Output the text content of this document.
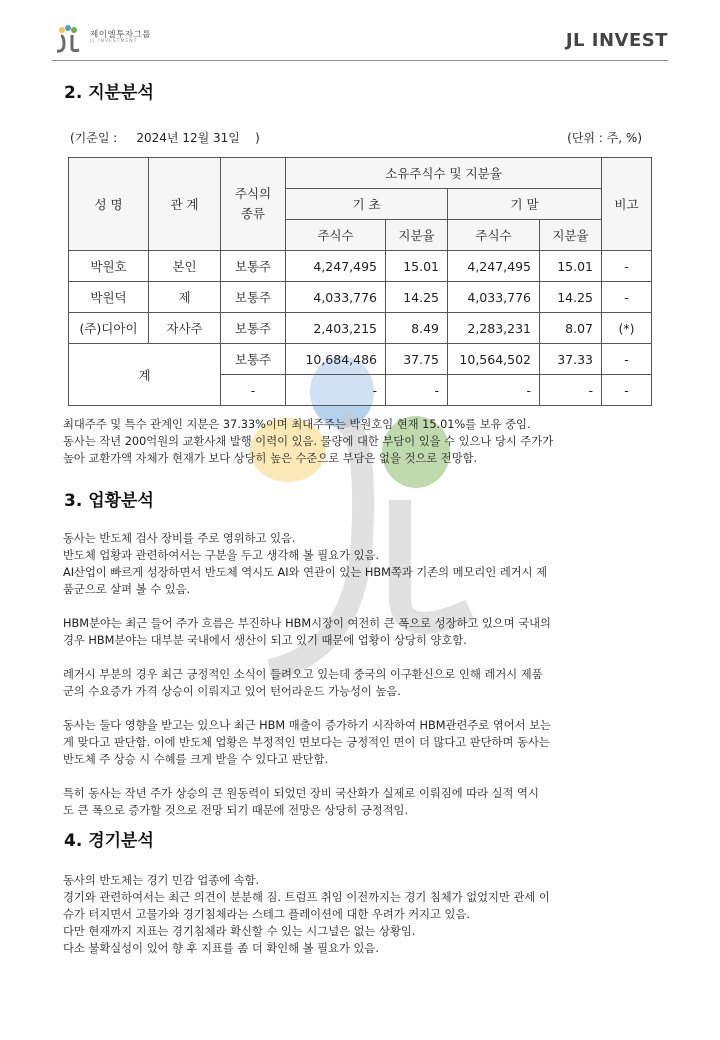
제이엘투자그룹
JL INVESTMENT	JL INVEST
2. 지분분석
(기준일 :     2024년 12월 31일    )	(단위 : 주, %)
성 명	관 계	주식의
종류	소유주식수 및 지분율				비고
			기 초		기 말		
			주식수	지분율	주식수	지분율	
박원호	본인	보통주	4,247,495	15.01	4,247,495	15.01	-
박원덕	제	보통주	4,033,776	14.25	4,033,776	14.25	-
(주)디아이	자사주	보통주	2,403,215	8.49	2,283,231	8.07	(*)
계		보통주	10,684,486	37.75	10,564,502	37.33	-
		-	-	-	-	-	-

최대주주 및 특수 관계인 지분은 37.33%이며 최대주주는 박원호임 현재 15.01%를 보유 중임.

동사는 작년 200억원의 교환사채 발행 이력이 있음. 물량에 대한 부담이 있을 수 있으나 당시 주가가

높아 교환가액 자체가 현재가 보다 상당히 높은 수준으로 부담은 없을 것으로 전망함.

3. 업황분석

동사는 반도체 검사 장비를 주로 영위하고 있음.

반도체 업황과 관련하여서는 구분을 두고 생각해 볼 필요가 있음.

AI산업이 빠르게 성장하면서 반도체 역시도 AI와 연관이 있는 HBM쪽과 기존의 메모리인 레거시 제

품군으로 살펴 볼 수 있음.

HBM분야는 최근 들어 주가 흐름은 부진하나 HBM시장이 여전히 큰 폭으로 성장하고 있으며 국내의

경우 HBM분야는 대부분 국내에서 생산이 되고 있기 때문에 업황이 상당히 양호함.

레거시 부분의 경우 최근 긍정적인 소식이 들려오고 있는데 중국의 이구환신으로 인해 레거시 제품

군의 수요증가 가격 상승이 이뤄지고 있어 턴어라운드 가능성이 높음.

동사는 둘다 영향을 받고는 있으나 최근 HBM 매출이 증가하기 시작하여 HBM관련주로 엮어서 보는

게 맞다고 판단함. 이에 반도체 업황은 부정적인 면보다는 긍정적인 면이 더 많다고 판단하며 동사는

반도체 주 상승 시 수혜를 크게 받을 수 있다고 판단함.

특히 동사는 작년 주가 상승의 큰 원동력이 되었던 장비 국산화가 실제로 이뤄짐에 따라 실적 역시

도 큰 폭으로 증가할 것으로 전망 되기 때문에 전망은 상당히 긍정적임.

4. 경기분석

동사의 반도체는 경기 민감 업종에 속함.

경기와 관련하여서는 최근 의견이 분분해 짐. 트럼프 취임 이전까지는 경기 침체가 없었지만 관세 이

슈가 터지면서 고물가와 경기침체라는 스테그 플레이션에 대한 우려가 커지고 있음.

다만 현재까지 지표는 경기침체라 확신할 수 있는 시그널은 없는 상황임.

다소 불확실성이 있어 향 후 지표를 좀 더 확인해 볼 필요가 있음.
